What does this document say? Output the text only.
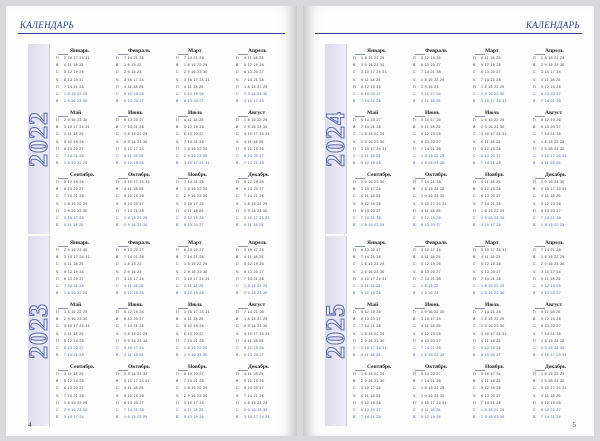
КАЛЕНДАРЬ
2022
Январь
П	3 10 17 24 31
В	4 11 18 25
С	5 12 19 26
Ч	6 13 20 27
П	7 14 21 28
С	1 8 15 22 29
В	2 9 16 23 30
Февраль
П	7 14 21 28
В	1 8 15 22
С	2 9 16 23
Ч	3 10 17 24
П	4 11 18 25
С	5 12 19 26
В	6 13 20 27
Март
П	7 14 21 28
В	1 8 15 22 29
С	2 9 16 23 30
Ч	3 10 17 24 31
П	4 11 18 25
С	5 12 19 26
В	6 13 20 27
Апрель
П	4 11 18 25
В	5 12 19 26
С	6 13 20 27
Ч	7 14 21 28
П	1 8 15 22 29
С	2 9 16 23 30
В	3 10 17 24
Май
П	2 9 16 23 30
В	3 10 17 24 31
С	4 11 18 25
Ч	5 12 19 26
П	6 13 20 27
С	7 14 21 28
В	1 8 15 22 29
Июнь
П	6 13 20 27
В	7 14 21 28
С	1 8 15 22 29
Ч	2 9 16 23 30
П	3 10 17 24
С	4 11 18 25
В	5 12 19 26
Июль
П	4 11 18 25
В	5 12 19 26
С	6 13 20 27
Ч	7 14 21 28
П	1 8 15 22 29
С	2 9 16 23 30
В	3 10 17 24 31
Август
П	1 8 15 22 29
В	2 9 16 23 30
С	3 10 17 24 31
Ч	4 11 18 25
П	5 12 19 26
С	6 13 20 27
В	7 14 21 28
Сентябрь
П	5 12 19 26
В	6 13 20 27
С	7 14 21 28
Ч	1 8 15 22 29
П	2 9 16 23 30
С	3 10 17 24
В	4 11 18 25
Октябрь
П	3 10 17 24 31
В	4 11 18 25
С	5 12 19 26
Ч	6 13 20 27
П	7 14 21 28
С	1 8 15 22 29
В	2 9 16 23 30
Ноябрь
П	7 14 21 28
В	1 8 15 22 29
С	2 9 16 23 30
Ч	3 10 17 24
П	4 11 18 25
С	5 12 19 26
В	6 13 20 27
Декабрь
П	5 12 19 26
В	6 13 20 27
С	7 14 21 28
Ч	1 8 15 22 29
П	2 9 16 23 30
С	3 10 17 24 31
В	4 11 18 25
2023
Январь
П	2 9 16 23 30
В	3 10 17 24 31
С	4 11 18 25
Ч	5 12 19 26
П	6 13 20 27
С	7 14 21 28
В	1 8 15 22 29
Февраль
П	6 13 20 27
В	7 14 21 28
С	1 8 15 22
Ч	2 9 16 23
П	3 10 17 24
С	4 11 18 25
В	5 12 19 26
Март
П	6 13 20 27
В	7 14 21 28
С	1 8 15 22 29
Ч	2 9 16 23 30
П	3 10 17 24 31
С	4 11 18 25
В	5 12 19 26
Апрель
П	3 10 17 24
В	4 11 18 25
С	5 12 19 26
Ч	6 13 20 27
П	7 14 21 28
С	1 8 15 22 29
В	2 9 16 23 30
Май
П	1 8 15 22 29
В	2 9 16 23 30
С	3 10 17 24 31
Ч	4 11 18 25
П	5 12 19 26
С	6 13 20 27
В	7 14 21 28
Июнь
П	5 12 19 26
В	6 13 20 27
С	7 14 21 28
Ч	1 8 15 22 29
П	2 9 16 23 30
С	3 10 17 24
В	4 11 18 25
Июль
П	3 10 17 24 31
В	4 11 18 25
С	5 12 19 26
Ч	6 13 20 27
П	7 14 21 28
С	1 8 15 22 29
В	2 9 16 23 30
Август
П	7 14 21 28
В	1 8 15 22 29
С	2 9 16 23 30
Ч	3 10 17 24 31
П	4 11 18 25
С	5 12 19 26
В	6 13 20 27
Сентябрь
П	4 11 18 25
В	5 12 19 26
С	6 13 20 27
Ч	7 14 21 28
П	1 8 15 22 29
С	2 9 16 23 30
В	3 10 17 24
Октябрь
П	2 9 16 23 30
В	3 10 17 24 31
С	4 11 18 25
Ч	5 12 19 26
П	6 13 20 27
С	7 14 21 28
В	1 8 15 22 29
Ноябрь
П	6 13 20 27
В	7 14 21 28
С	1 8 15 22 29
Ч	2 9 16 23 30
П	3 10 17 24
С	4 11 18 25
В	5 12 19 26
Декабрь
П	4 11 18 25
В	5 12 19 26
С	6 13 20 27
Ч	7 14 21 28
П	1 8 15 22 29
С	2 9 16 23 30
В	3 10 17 24 31
4
КАЛЕНДАРЬ
2024
Январь
П	1 8 15 22 29
В	2 9 16 23 30
С	3 10 17 24 31
Ч	4 11 18 25
П	5 12 19 26
С	6 13 20 27
В	7 14 21 28
Февраль
П	5 12 19 26
В	6 13 20 27
С	7 14 21 28
Ч	1 8 15 22 29
П	2 9 16 23
С	3 10 17 24
В	4 11 18 25
Март
П	4 11 18 25
В	5 12 19 26
С	6 13 20 27
Ч	7 14 21 28
П	1 8 15 22 29
С	2 9 16 23 30
В	3 10 17 24 31
Апрель
П	1 8 15 22 29
В	2 9 16 23 30
С	3 10 17 24
Ч	4 11 18 25
П	5 12 19 26
С	6 13 20 27
В	7 14 21 28
Май
П	6 13 20 27
В	7 14 21 28
С	1 8 15 22 29
Ч	2 9 16 23 30
П	3 10 17 24 31
С	4 11 18 25
В	5 12 19 26
Июнь
П	3 10 17 24
В	4 11 18 25
С	5 12 19 26
Ч	6 13 20 27
П	7 14 21 28
С	1 8 15 22 29
В	2 9 16 23 30
Июль
П	1 8 15 22 29
В	2 9 16 23 30
С	3 10 17 24 31
Ч	4 11 18 25
П	5 12 19 26
С	6 13 20 27
В	7 14 21 28
Август
П	5 12 19 26
В	6 13 20 27
С	7 14 21 28
Ч	1 8 15 22 29
П	2 9 16 23 30
С	3 10 17 24 31
В	4 11 18 25
Сентябрь
П	2 9 16 23 30
В	3 10 17 24
С	4 11 18 25
Ч	5 12 19 26
П	6 13 20 27
С	7 14 21 28
В	1 8 15 22 29
Октябрь
П	7 14 21 28
В	1 8 15 22 29
С	2 9 16 23 30
Ч	3 10 17 24 31
П	4 11 18 25
С	5 12 19 26
В	6 13 20 27
Ноябрь
П	4 11 18 25
В	5 12 19 26
С	6 13 20 27
Ч	7 14 21 28
П	1 8 15 22 29
С	2 9 16 23 30
В	3 10 17 24
Декабрь
П	2 9 16 23 30
В	3 10 17 24 31
С	4 11 18 25
Ч	5 12 19 26
П	6 13 20 27
С	7 14 21 28
В	1 8 15 22 29
2025
Январь
П	6 13 20 27
В	7 14 21 28
С	1 8 15 22 29
Ч	2 9 16 23 30
П	3 10 17 24 31
С	4 11 18 25
В	5 12 19 26
Февраль
П	3 10 17 24
В	4 11 18 25
С	5 12 19 26
Ч	6 13 20 27
П	7 14 21 28
С	1 8 15 22
В	2 9 16 23
Март
П	3 10 17 24 31
В	4 11 18 25
С	5 12 19 26
Ч	6 13 20 27
П	7 14 21 28
С	1 8 15 22 29
В	2 9 16 23 30
Апрель
П	7 14 21 28
В	1 8 15 22 29
С	2 9 16 23 30
Ч	3 10 17 24
П	4 11 18 25
С	5 12 19 26
В	6 13 20 27
Май
П	5 12 19 26
В	6 13 20 27
С	7 14 21 28
Ч	1 8 15 22 29
П	2 9 16 23 30
С	3 10 17 24 31
В	4 11 18 25
Июнь
П	2 9 16 23 30
В	3 10 17 24
С	4 11 18 25
Ч	5 12 19 26
П	6 13 20 27
С	7 14 21 28
В	1 8 15 22 29
Июль
П	7 14 21 28
В	1 8 15 22 29
С	2 9 16 23 30
Ч	3 10 17 24 31
П	4 11 18 25
С	5 12 19 26
В	6 13 20 27
Август
П	4 11 18 25
В	5 12 19 26
С	6 13 20 27
Ч	7 14 21 28
П	1 8 15 22 29
С	2 9 16 23 30
В	3 10 17 24 31
Сентябрь
П	1 8 15 22 29
В	2 9 16 23 30
С	3 10 17 24
Ч	4 11 18 25
П	5 12 19 26
С	6 13 20 27
В	7 14 21 28
Октябрь
П	6 13 20 27
В	7 14 21 28
С	1 8 15 22 29
Ч	2 9 16 23 30
П	3 10 17 24 31
С	4 11 18 25
В	5 12 19 26
Ноябрь
П	3 10 17 24
В	4 11 18 25
С	5 12 19 26
Ч	6 13 20 27
П	7 14 21 28
С	1 8 15 22 29
В	2 9 16 23 30
Декабрь
П	1 8 15 22 29
В	2 9 16 23 30
С	3 10 17 24 31
Ч	4 11 18 25
П	5 12 19 26
С	6 13 20 27
В	7 14 21 28
5
